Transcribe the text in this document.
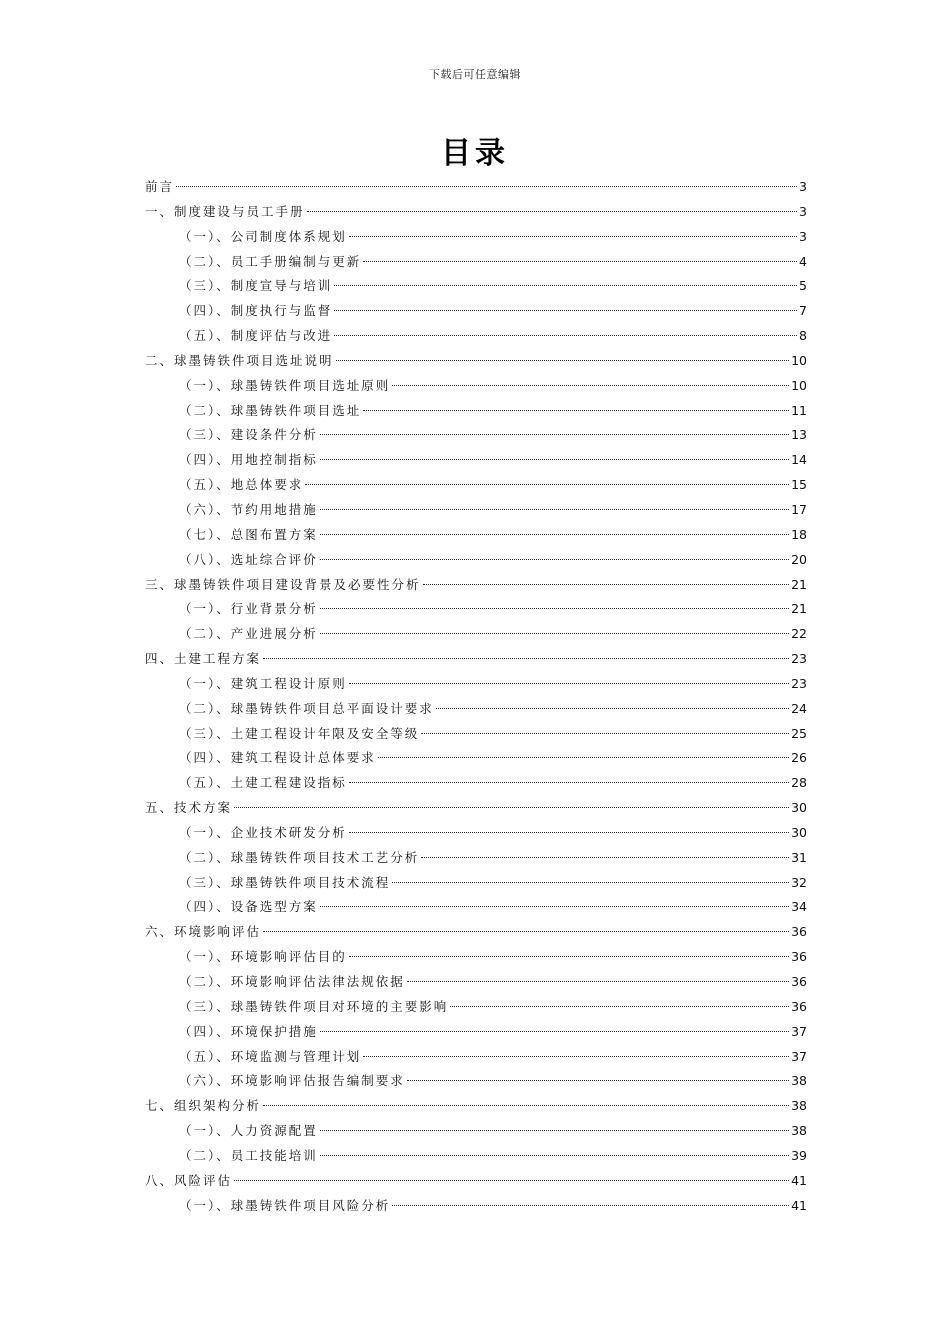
下载后可任意编辑
目录
前言	3
一、制度建设与员工手册	3
（一）、公司制度体系规划	3
（二）、员工手册编制与更新	4
（三）、制度宣导与培训	5
（四）、制度执行与监督	7
（五）、制度评估与改进	8
二、球墨铸铁件项目选址说明	10
（一）、球墨铸铁件项目选址原则	10
（二）、球墨铸铁件项目选址	11
（三）、建设条件分析	13
（四）、用地控制指标	14
（五）、地总体要求	15
（六）、节约用地措施	17
（七）、总图布置方案	18
（八）、选址综合评价	20
三、球墨铸铁件项目建设背景及必要性分析	21
（一）、行业背景分析	21
（二）、产业进展分析	22
四、土建工程方案	23
（一）、建筑工程设计原则	23
（二）、球墨铸铁件项目总平面设计要求	24
（三）、土建工程设计年限及安全等级	25
（四）、建筑工程设计总体要求	26
（五）、土建工程建设指标	28
五、技术方案	30
（一）、企业技术研发分析	30
（二）、球墨铸铁件项目技术工艺分析	31
（三）、球墨铸铁件项目技术流程	32
（四）、设备选型方案	34
六、环境影响评估	36
（一）、环境影响评估目的	36
（二）、环境影响评估法律法规依据	36
（三）、球墨铸铁件项目对环境的主要影响	36
（四）、环境保护措施	37
（五）、环境监测与管理计划	37
（六）、环境影响评估报告编制要求	38
七、组织架构分析	38
（一）、人力资源配置	38
（二）、员工技能培训	39
八、风险评估	41
（一）、球墨铸铁件项目风险分析	41
